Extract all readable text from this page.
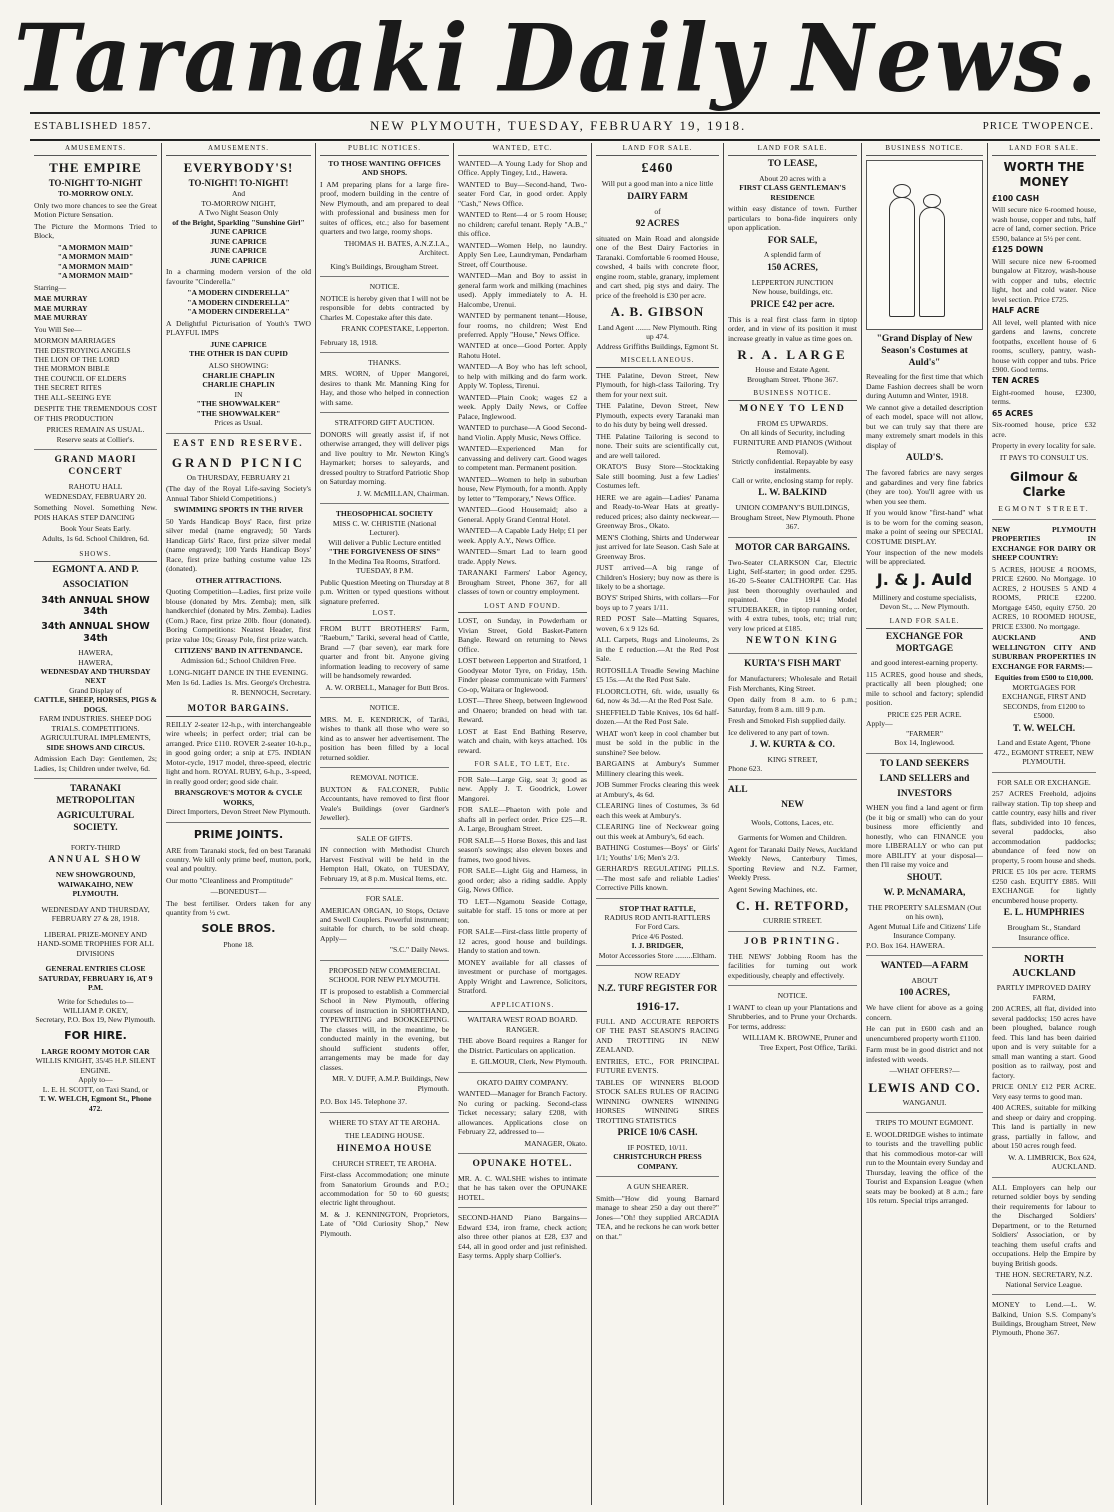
Taranaki Daily News.
ESTABLISHED 1857.	NEW PLYMOUTH, TUESDAY, FEBRUARY 19, 1918.	PRICE TWOPENCE.
AMUSEMENTS.
THE EMPIRE
TO-NIGHT TO-NIGHT
TO-MORROW ONLY.
Only two more chances to see the Great Motion Picture Sensation.
The Picture the Mormons Tried to Block,
"A MORMON MAID"
"A MORMON MAID"
"A MORMON MAID"
"A MORMON MAID"
Starring—
MAE MURRAY
MAE MURRAY
MAE MURRAY
You Will See—
MORMON MARRIAGES
THE DESTROYING ANGELS
THE LION OF THE LORD
THE MORMON BIBLE
THE COUNCIL OF ELDERS
THE SECRET RITES
THE ALL-SEEING EYE
DESPITE THE TREMENDOUS COST OF THIS PRODUCTION
PRICES REMAIN AS USUAL.
Reserve seats at Collier's.
GRAND MAORI CONCERT
RAHOTU HALL
WEDNESDAY, FEBRUARY 20.
Something Novel. Something New. POIS HAKAS STEP DANCING
Book Your Seats Early.
Adults, 1s 6d. School Children, 6d.
SHOWS.
EGMONT A. AND P.
ASSOCIATION
34th ANNUAL SHOW 34th
34th ANNUAL SHOW 34th
HAWERA,
HAWERA,
WEDNESDAY AND THURSDAY NEXT
Grand Display of
CATTLE, SHEEP, HORSES, PIGS & DOGS.
FARM INDUSTRIES. SHEEP DOG TRIALS. COMPETITIONS. AGRICULTURAL IMPLEMENTS,
SIDE SHOWS AND CIRCUS.
Admission Each Day: Gentlemen, 2s; Ladies, 1s; Children under twelve, 6d.
TARANAKI METROPOLITAN
AGRICULTURAL SOCIETY.
FORTY-THIRD
ANNUAL SHOW
NEW SHOWGROUND, WAIWAKAIHO, NEW PLYMOUTH.
WEDNESDAY AND THURSDAY, FEBRUARY 27 & 28, 1918.
LIBERAL PRIZE-MONEY AND HAND-SOME TROPHIES FOR ALL DIVISIONS
GENERAL ENTRIES CLOSE SATURDAY, FEBRUARY 16, AT 9 P.M.
Write for Schedules to—
WILLIAM P. OKEY,
Secretary, P.O. Box 19, New Plymouth.
FOR HIRE.
LARGE ROOMY MOTOR CAR
WILLIS KNIGHT, 35/45 H.P. SILENT ENGINE.
Apply to—
L. E. H. SCOTT, on Taxi Stand, or
T. W. WELCH, Egmont St., Phone 472.
AMUSEMENTS.
EVERYBODY'S!
TO-NIGHT! TO-NIGHT!
And
TO-MORROW NIGHT,
A Two Night Season Only
of the Bright, Sparkling "Sunshine Girl"
JUNE CAPRICE
JUNE CAPRICE
JUNE CAPRICE
JUNE CAPRICE
In a charming modern version of the old favourite "Cinderella."
"A MODERN CINDERELLA"
"A MODERN CINDERELLA"
"A MODERN CINDERELLA"
A Delightful Picturisation of Youth's TWO PLAYFUL IMPS
JUNE CAPRICE
THE OTHER IS DAN CUPID
ALSO SHOWING:
CHARLIE CHAPLIN
CHARLIE CHAPLIN
IN
"THE SHOWWALKER"
"THE SHOWWALKER"
Prices as Usual.
EAST END RESERVE.
GRAND PICNIC
On THURSDAY, FEBRUARY 21
(The day of the Royal Life-saving Society's Annual Tabor Shield Competitions.)
SWIMMING SPORTS IN THE RIVER
50 Yards Handicap Boys' Race, first prize silver medal (name engraved); 50 Yards Handicap Girls' Race, first prize silver medal (name engraved); 100 Yards Handicap Boys' Race, first prize bathing costume value 12s (donated).
OTHER ATTRACTIONS.
Quoting Competition—Ladies, first prize voile blouse (donated by Mrs. Zemba); men, silk handkerchief (donated by Mrs. Zemba). Ladies (Com.) Race, first prize 20lb. flour (donated). Boring Competitions: Neatest Header, first prize value 10s; Greasy Pole, first prize watch.
CITIZENS' BAND IN ATTENDANCE.
Admission 6d.; School Children Free.
LONG-NIGHT DANCE IN THE EVENING.
Men 1s 6d. Ladies 1s. Mrs. George's Orchestra.
R. BENNOCH, Secretary.
MOTOR BARGAINS.
REILLY 2-seater 12-h.p., with interchangeable wire wheels; in perfect order; trial can be arranged. Price £110. ROVER 2-seater 10-h.p., in good going order; a snip at £75. INDIAN Motor-cycle, 1917 model, three-speed, electric light and horn. ROYAL RUBY, 6-h.p., 3-speed, in really good order; good side chair.
BRANSGROVE'S MOTOR & CYCLE WORKS,
Direct Importers, Devon Street New Plymouth.
PRIME JOINTS.
ARE from Taranaki stock, fed on best Taranaki country. We kill only prime beef, mutton, pork, veal and poultry.
Our motto "Cleanliness and Promptitude"
—BONEDUST—
The best fertiliser. Orders taken for any quantity from ½ cwt.
SOLE BROS.
Phone 18.
PUBLIC NOTICES.
TO THOSE WANTING OFFICES AND SHOPS.
I AM preparing plans for a large fire-proof, modern building in the centre of New Plymouth, and am prepared to deal with professional and business men for suites of offices, etc.; also for basement quarters and two large, roomy shops.
THOMAS H. BATES, A.N.Z.I.A., Architect.
King's Buildings, Brougham Street.
NOTICE.
NOTICE is hereby given that I will not be responsible for debts contracted by Charles M. Copestake after this date.
FRANK COPESTAKE, Lepperton.
February 18, 1918.
THANKS.
MRS. WORN, of Upper Mangorei, desires to thank Mr. Manning King for Hay, and those who helped in connection with same.
STRATFORD GIFT AUCTION.
DONORS will greatly assist if, if not otherwise arranged, they will deliver pigs and live poultry to Mr. Newton King's Haymarket; horses to saleyards, and dressed poultry to Stratford Patriotic Shop on Saturday morning.
J. W. McMILLAN, Chairman.
THEOSOPHICAL SOCIETY
MISS C. W. CHRISTIE (National Lecturer).
Will deliver a Public Lecture entitled
"THE FORGIVENESS OF SINS"
In the Medina Tea Rooms, Stratford.
TUESDAY, 8 P.M.
Public Question Meeting on Thursday at 8 p.m. Written or typed questions without signature preferred.
LOST.
FROM BUTT BROTHERS' Farm, "Raeburn," Tariki, several head of Cattle, Brand —7 (bar seven), ear mark fore quarter and front bit. Anyone giving information leading to recovery of same will be handsomely rewarded.
A. W. ORBELL, Manager for Butt Bros.
NOTICE.
MRS. M. E. KENDRICK, of Tariki, wishes to thank all those who were so kind as to answer her advertisement. The position has been filled by a local returned soldier.
REMOVAL NOTICE.
BUXTON & FALCONER, Public Accountants, have removed to first floor Veale's Buildings (over Gardner's Jeweller).
SALE OF GIFTS.
IN connection with Methodist Church Harvest Festival will be held in the Hempton Hall, Okato, on TUESDAY, February 19, at 8 p.m. Musical Items, etc.
FOR SALE.
AMERICAN ORGAN, 10 Stops, Octave and Swell Couplers. Powerful instrument; suitable for church, to be sold cheap. Apply—
"S.C." Daily News.
PROPOSED NEW COMMERCIAL SCHOOL FOR NEW PLYMOUTH.
IT is proposed to establish a Commercial School in New Plymouth, offering courses of instruction in SHORTHAND, TYPEWRITING and BOOKKEEPING. The classes will, in the meantime, be conducted mainly in the evening, but should sufficient students offer, arrangements may be made for day classes.
MR. V. DUFF, A.M.P. Buildings, New Plymouth.
P.O. Box 145. Telephone 37.
WHERE TO STAY AT TE AROHA.
THE LEADING HOUSE.
HINEMOA HOUSE
CHURCH STREET, TE AROHA.
First-class Accommodation; one minute from Sanatorium Grounds and P.O.; accommodation for 50 to 60 guests; electric light throughout.
M. & J. KENNINGTON, Proprietors, Late of "Old Curiosity Shop," New Plymouth.
WANTED, ETC.
WANTED—A Young Lady for Shop and Office. Apply Tingey, Ltd., Hawera.
WANTED to Buy—Second-hand, Two-seater Ford Car, in good order. Apply "Cash," News Office.
WANTED to Rent—4 or 5 room House; no children; careful tenant. Reply "A.B.," this office.
WANTED—Women Help, no laundry. Apply Sen Lee, Laundryman, Pendarham Street, off Courthouse.
WANTED—Man and Boy to assist in general farm work and milking (machines used). Apply immediately to A. H. Halcombe, Urenui.
WANTED by permanent tenant—House, four rooms, no children; West End preferred. Apply "House," News Office.
WANTED at once—Good Porter. Apply Rahotu Hotel.
WANTED—A Boy who has left school, to help with milking and do farm work. Apply W. Topless, Tirenui.
WANTED—Plain Cook; wages £2 a week. Apply Daily News, or Coffee Palace, Inglewood.
WANTED to purchase—A Good Second-hand Violin. Apply Music, News Office.
WANTED—Experienced Man for canvassing and delivery cart. Good wages to competent man. Permanent position.
WANTED—Women to help in suburban house, New Plymouth, for a month. Apply by letter to "Temporary," News Office.
WANTED—Good Housemaid; also a General. Apply Grand Central Hotel.
WANTED—A Capable Lady Help; £1 per week. Apply A.Y., News Office.
WANTED—Smart Lad to learn good trade. Apply News.
TARANAKI Farmers' Labor Agency, Brougham Street, Phone 367, for all classes of town or country employment.
LOST AND FOUND.
LOST, on Sunday, in Powderham or Vivian Street, Gold Basket-Pattern Bangle. Reward on returning to News Office.
LOST between Lepperton and Stratford, 1 Goodyear Motor Tyre, on Friday, 15th. Finder please communicate with Farmers' Co-op, Waitara or Inglewood.
LOST—Three Sheep, between Inglewood and Onaero; branded on head with tar. Reward.
LOST at East End Bathing Reserve, watch and chain, with keys attached. 10s reward.
FOR SALE, TO LET, Etc.
FOR Sale—Large Gig, seat 3; good as new. Apply J. T. Goodrick, Lower Mangorei.
FOR SALE—Phaeton with pole and shafts all in perfect order. Price £25—R. A. Large, Brougham Street.
FOR SALE—5 Horse Boxes, this and last season's sowings; also eleven boxes and frames, two good hives.
FOR SALE—Light Gig and Harness, in good order; also a riding saddle. Apply Gig, News Office.
TO LET—Ngamotu Seaside Cottage, suitable for staff. 15 tons or more at per ton.
FOR SALE—First-class little property of 12 acres, good house and buildings. Handy to station and town.
MONEY available for all classes of investment or purchase of mortgages. Apply Wright and Lawrence, Solicitors, Stratford.
APPLICATIONS.
WAITARA WEST ROAD BOARD. RANGER.
THE above Board requires a Ranger for the District. Particulars on application.
E. GILMOUR, Clerk, New Plymouth.
OKATO DAIRY COMPANY.
WANTED—Manager for Branch Factory. No curing or packing. Second-class Ticket necessary; salary £208, with allowances. Applications close on February 22, addressed to—
MANAGER, Okato.
OPUNAKE HOTEL.
MR. A. C. WALSHE wishes to intimate that he has taken over the OPUNAKE HOTEL.
SECOND-HAND Piano Bargains—Edward £34, iron frame, check action; also three other pianos at £28, £37 and £44, all in good order and just refinished. Easy terms. Apply sharp Collier's.
LAND FOR SALE.
£460
Will put a good man into a nice little
DAIRY FARM
of
92 ACRES
situated on Main Road and alongside one of the Best Dairy Factories in Taranaki. Comfortable 6 roomed House, cowshed, 4 bails with concrete floor, engine room, stable, granary, implement and cart shed, pig stys and dairy. The price of the freehold is £30 per acre.
A. B. GIBSON
Land Agent ........ New Plymouth. Ring up 474.
Address Griffiths Buildings, Egmont St.
MISCELLANEOUS.
THE Palatine, Devon Street, New Plymouth, for high-class Tailoring. Try them for your next suit.
THE Palatine, Devon Street, New Plymouth, expects every Taranaki man to do his duty by being well dressed.
THE Palatine Tailoring is second to none. Their suits are scientifically cut, and are well tailored.
OKATO'S Busy Store—Stocktaking Sale still booming. Just a few Ladies' Costumes left.
HERE we are again—Ladies' Panama and Ready-to-Wear Hats at greatly-reduced prices; also dainty neckwear.—Greenway Bros., Okato.
MEN'S Clothing, Shirts and Underwear just arrived for late Season. Cash Sale at Greenway Bros.
JUST arrived—A big range of Children's Hosiery; buy now as there is likely to be a shortage.
BOYS' Striped Shirts, with collars—For boys up to 7 years 1/11.
RED POST Sale—Matting Squares, woven, 6 x 9 12s 6d.
ALL Carpets, Rugs and Linoleums, 2s in the £ reduction.—At the Red Post Sale.
ROTOSILLA Treadle Sewing Machine £5 15s.—At the Red Post Sale.
FLOORCLOTH, 6ft. wide, usually 6s 6d, now 4s 3d.—At the Red Post Sale.
SHEFFIELD Table Knives, 10s 6d half-dozen.—At the Red Post Sale.
WHAT won't keep in cool chamber but must be sold in the public in the sunshine? See below.
BARGAINS at Ambury's Summer Millinery clearing this week.
JOB Summer Frocks clearing this week at Ambury's, 4s 6d.
CLEARING lines of Costumes, 3s 6d each this week at Ambury's.
CLEARING line of Neckwear going out this week at Ambury's, 6d each.
BATHING Costumes—Boys' or Girls' 1/1; Youths' 1/6; Men's 2/3.
GERHARD'S REGULATING PILLS.—The most safe and reliable Ladies' Corrective Pills known.
STOP THAT RATTLE,
RADIUS ROD ANTI-RATTLERS
For Ford Cars.
Price 4/6 Posted.
I. J. BRIDGER,
Motor Accessories Store .........Eltham.
NOW READY
N.Z. TURF REGISTER FOR
1916-17.
FULL AND ACCURATE REPORTS OF THE PAST SEASON'S RACING AND TROTTING IN NEW ZEALAND.
ENTRIES, ETC., FOR PRINCIPAL FUTURE EVENTS.
TABLES OF WINNERS BLOOD STOCK SALES RULES OF RACING WINNING OWNERS WINNING HORSES WINNING SIRES TROTTING STATISTICS
PRICE 10/6 CASH.
IF POSTED, 10/11.
CHRISTCHURCH PRESS COMPANY.
A GUN SHEARER.
Smith—"How did young Barnard manage to shear 250 a day out there?" Jones—"Oh! they supplied ARCADIA TEA, and he reckons he can work better on that."
LAND FOR SALE.
TO LEASE,
About 20 acres with a
FIRST CLASS GENTLEMAN'S RESIDENCE
within easy distance of town. Further particulars to bona-fide inquirers only upon application.
FOR SALE,
A splendid farm of
150 ACRES,
LEPPERTON JUNCTION
New house, buildings, etc.
PRICE £42 per acre.
This is a real first class farm in tiptop order, and in view of its position it must increase greatly in value as time goes on.
R. A. LARGE
House and Estate Agent.
Brougham Street. 'Phone 367.
BUSINESS NOTICE.
MONEY TO LEND
FROM £5 UPWARDS.
On all kinds of Security, including
FURNITURE AND PIANOS (Without Removal).
Strictly confidential. Repayable by easy instalments.
Call or write, enclosing stamp for reply.
L. W. BALKIND
UNION COMPANY'S BUILDINGS, Brougham Street, New Plymouth. Phone 367.
MOTOR CAR BARGAINS.
Two-Seater CLARKSON Car, Electric Light, Self-starter; in good order. £295. 16-20 5-Seater CALTHORPE Car. Has just been thoroughly overhauled and repainted. One 1914 Model STUDEBAKER, in tiptop running order, with 4 extra tubes, tools, etc; trial run; very low priced at £185.
NEWTON KING
KURTA'S FISH MART
for Manufacturers; Wholesale and Retail Fish Merchants, King Street.
Open daily from 8 a.m. to 6 p.m.; Saturday, from 8 a.m. till 9 p.m.
Fresh and Smoked Fish supplied daily.
Ice delivered to any part of town.
J. W. KURTA & CO.
KING STREET,
Phone 623.
ALL
NEW
Wools, Cottons, Laces, etc.
Garments for Women and Children.
Agent for Taranaki Daily News, Auckland Weekly News, Canterbury Times, Sporting Review and N.Z. Farmer, Weekly Press.
Agent Sewing Machines, etc.
C. H. RETFORD,
CURRIE STREET.
JOB PRINTING.
THE NEWS' Jobbing Room has the facilities for turning out work expeditiously, cheaply and effectively.
NOTICE.
I WANT to clean up your Plantations and Shrubberies, and to Prune your Orchards. For terms, address:
WILLIAM K. BROWNE, Pruner and Tree Expert, Post Office, Tariki.
BUSINESS NOTICE.
"Grand Display of New Season's Costumes at Auld's"
Revealing for the first time that which Dame Fashion decrees shall be worn during Autumn and Winter, 1918.
We cannot give a detailed description of each model, space will not allow, but we can truly say that there are many extremely smart models in this display of
AULD'S.
The favored fabrics are navy serges and gabardines and very fine fabrics (they are too). You'll agree with us when you see them.
If you would know "first-hand" what is to be worn for the coming season, make a point of seeing our SPECIAL COSTUME DISPLAY.
Your inspection of the new models will be appreciated.
J. & J. Auld
Millinery and costume specialists, Devon St., ... New Plymouth.
LAND FOR SALE.
EXCHANGE FOR MORTGAGE
and good interest-earning property.
115 ACRES, good house and sheds, practically all been ploughed; one mile to school and factory; splendid position.
PRICE £25 PER ACRE.
Apply—
"FARMER"
Box 14, Inglewood.
TO LAND SEEKERS
LAND SELLERS and
INVESTORS
WHEN you find a land agent or firm (be it big or small) who can do your business more efficiently and honestly, who can FINANCE you more LIBERALLY or who can put more ABILITY at your disposal—then I'll raise my voice and
SHOUT.
W. P. McNAMARA,
THE PROPERTY SALESMAN (Out on his own),
Agent Mutual Life and Citizens' Life Insurance Company.
P.O. Box 164. HAWERA.
WANTED—A FARM
ABOUT
100 ACRES,
We have client for above as a going concern.
He can put in £600 cash and an unencumbered property worth £1100.
Farm must be in good district and not infested with weeds.
—WHAT OFFERS?—
LEWIS AND CO.
WANGANUI.
TRIPS TO MOUNT EGMONT.
E. WOOLDRIDGE wishes to intimate to tourists and the travelling public that his commodious motor-car will run to the Mountain every Sunday and Thursday, leaving the office of the Tourist and Expansion League (when seats may be booked) at 8 a.m.; fare 10s return. Special trips arranged.
LAND FOR SALE.
WORTH THE MONEY
£100 CASH
Will secure nice 6-roomed house, wash house, copper and tubs, half acre of land, corner section. Price £590, balance at 5½ per cent.
£125 DOWN
Will secure nice new 6-roomed bungalow at Fitzroy, wash-house with copper and tubs, electric light, hot and cold water. Nice level section. Price £725.
HALF ACRE
All level, well planted with nice gardens and lawns, concrete footpaths, excellent house of 6 rooms, scullery, pantry, wash-house with copper and tubs. Price £900. Good terms.
TEN ACRES
Eight-roomed house, £2300, terms.
65 ACRES
Six-roomed house, price £32 acre.
Property in every locality for sale.
IT PAYS TO CONSULT US.
Gilmour & Clarke
EGMONT STREET.
NEW PLYMOUTH PROPERTIES IN EXCHANGE FOR DAIRY OR SHEEP COUNTRY:
5 ACRES, HOUSE 4 ROOMS, PRICE £2600. No Mortgage. 10 ACRES, 2 HOUSES 5 AND 4 ROOMS, PRICE £2200. Mortgage £450, equity £750. 20 ACRES, 10 ROOMED HOUSE, PRICE £3300. No mortgage.
AUCKLAND AND WELLINGTON CITY AND SUBURBAN PROPERTIES IN EXCHANGE FOR FARMS:—
Equities from £500 to £10,000.
MORTGAGES FOR EXCHANGE, FIRST AND SECONDS, from £1200 to £5000.
T. W. WELCH.
Land and Estate Agent, 'Phone 472., EGMONT STREET, NEW PLYMOUTH.
FOR SALE OR EXCHANGE.
257 ACRES Freehold, adjoins railway station. Tip top sheep and cattle country, easy hills and river flats, subdivided into 10 fences, several paddocks, also accommodation paddocks; abundance of feed now on property, 5 room house and sheds.
PRICE £5 10s per acre. TERMS £250 cash. EQUITY £885. Will EXCHANGE for lightly encumbered house property.
E. L. HUMPHRIES
Brougham St., Standard Insurance office.
NORTH AUCKLAND
PARTLY IMPROVED DAIRY FARM,
200 ACRES, all flat, divided into several paddocks; 150 acres have been ploughed, balance rough feed. This land has been dairied upon and is very suitable for a small man wanting a start. Good position as to railway, post and factory.
PRICE ONLY £12 PER ACRE. Very easy terms to good man.
400 ACRES, suitable for milking and sheep or dairy and cropping. This land is partially in new grass, partially in fallow, and about 150 acres rough feed.
W. A. LIMBRICK, Box 624, AUCKLAND.
ALL Employers can help our returned soldier boys by sending their requirements for labour to the Discharged Soldiers' Department, or to the Returned Soldiers' Association, or by teaching them useful crafts and occupations. Help the Empire by buying British goods.
THE HON. SECRETARY, N.Z. National Service League.
MONEY to Lend.—L. W. Balkind, Union S.S. Company's Buildings, Brougham Street, New Plymouth, Phone 367.
